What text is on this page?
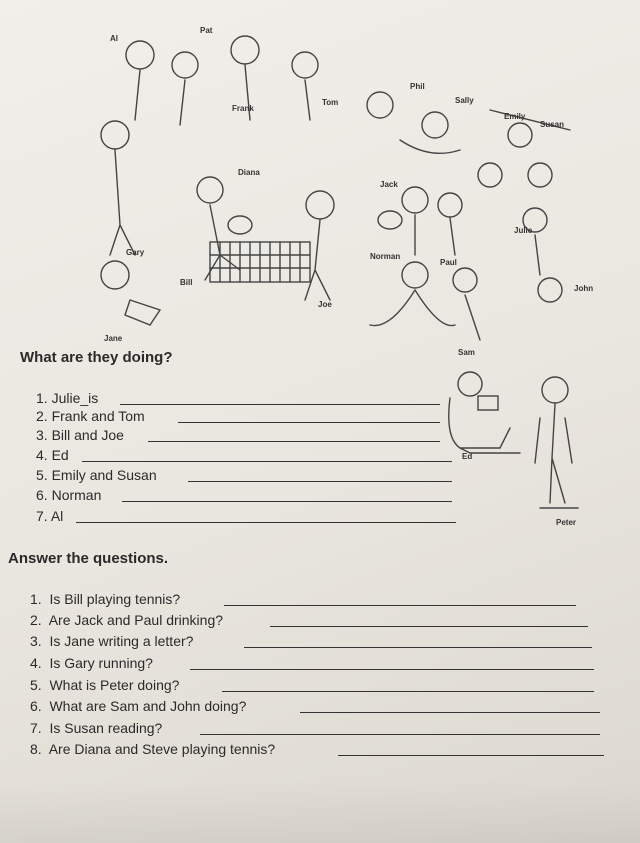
Pat
Al
Phil
Sally
Emily
Susan
Frank
Tom
Diana
Jack
Julie
Gary	Norman
Paul
John
Bill
Joe
Jane
Sam
Ed
Peter
What are they doing?
1. Julie_is
2. Frank and Tom
3. Bill and Joe
4. Ed
5. Emily and Susan
6. Norman
7. Al
Answer the questions.
1. Is Bill playing tennis?
2. Are Jack and Paul drinking?
3. Is Jane writing a letter?
4. Is Gary running?
5. What is Peter doing?
6. What are Sam and John doing?
7. Is Susan reading?
8. Are Diana and Steve playing tennis?
